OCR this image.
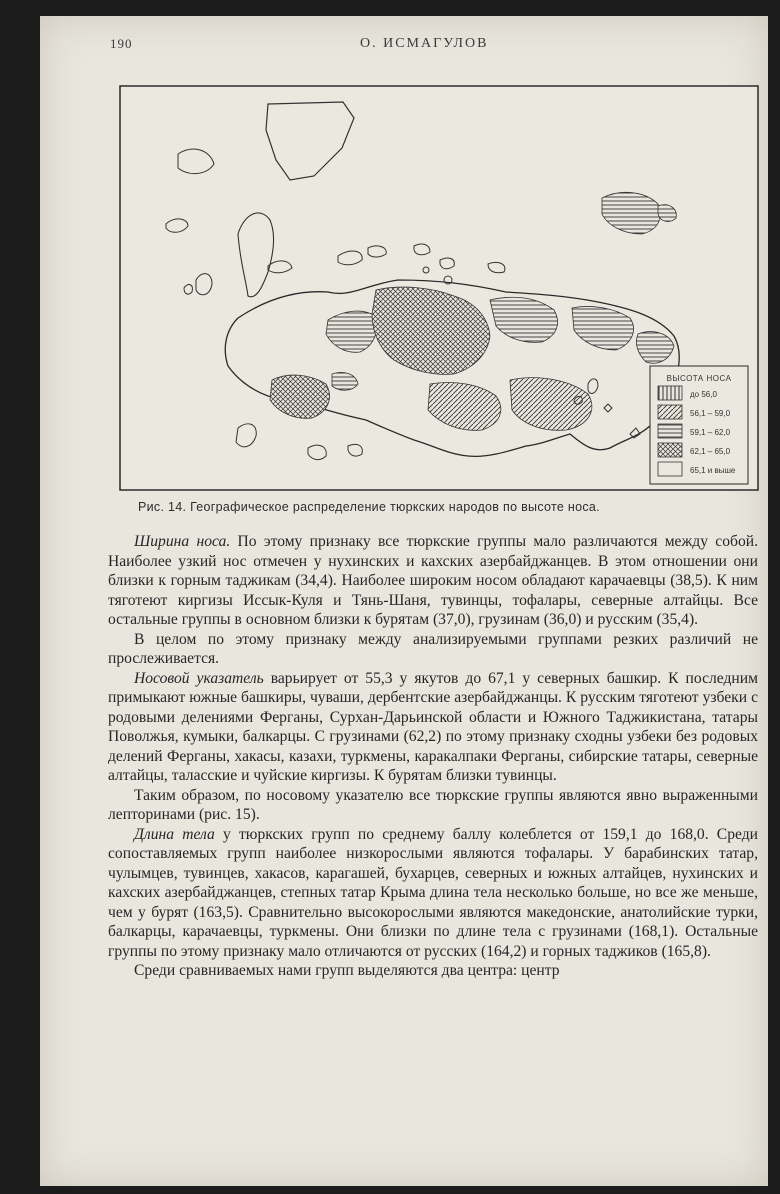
190	О. ИСМАГУЛОВ
ВЫСОТА НОСА
до 56,0
56,1 – 59,0
59,1 – 62,0
62,1 – 65,0
65,1 и выше
Рис. 14. Географическое распределение тюркских народов по высоте носа.

Ширина носа. По этому признаку все тюркские группы мало различаются между собой. Наиболее узкий нос отмечен у нухинских и кахских азербайджанцев. В этом отношении они близки к горным таджикам (34,4). Наиболее широким носом обладают карачаевцы (38,5). К ним тяготеют киргизы Иссык-Куля и Тянь-Шаня, тувинцы, тофалары, северные алтайцы. Все остальные группы в основном близки к бурятам (37,0), грузинам (36,0) и русским (35,4).

В целом по этому признаку между анализируемыми группами резких различий не прослеживается.

Носовой указатель варьирует от 55,3 у якутов до 67,1 у северных башкир. К последним примыкают южные башкиры, чуваши, дербентские азербайджанцы. К русским тяготеют узбеки с родовыми делениями Ферганы, Сурхан-Дарьинской области и Южного Таджикистана, татары Поволжья, кумыки, балкарцы. С грузинами (62,2) по этому признаку сходны узбеки без родовых делений Ферганы, хакасы, казахи, туркмены, каракалпаки Ферганы, сибирские татары, северные алтайцы, таласские и чуйские киргизы. К бурятам близки тувинцы.

Таким образом, по носовому указателю все тюркские группы являются явно выраженными лепторинами (рис. 15).

Длина тела у тюркских групп по среднему баллу колеблется от 159,1 до 168,0. Среди сопоставляемых групп наиболее низкорослыми являются тофалары. У барабинских татар, чулымцев, тувинцев, хакасов, карагашей, бухарцев, северных и южных алтайцев, нухинских и кахских азербайджанцев, степных татар Крыма длина тела несколько больше, но все же меньше, чем у бурят (163,5). Сравнительно высокорослыми являются македонские, анатолийские турки, балкарцы, карачаевцы, туркмены. Они близки по длине тела с грузинами (168,1). Остальные группы по этому признаку мало отличаются от русских (164,2) и горных таджиков (165,8).

Среди сравниваемых нами групп выделяются два центра: центр
